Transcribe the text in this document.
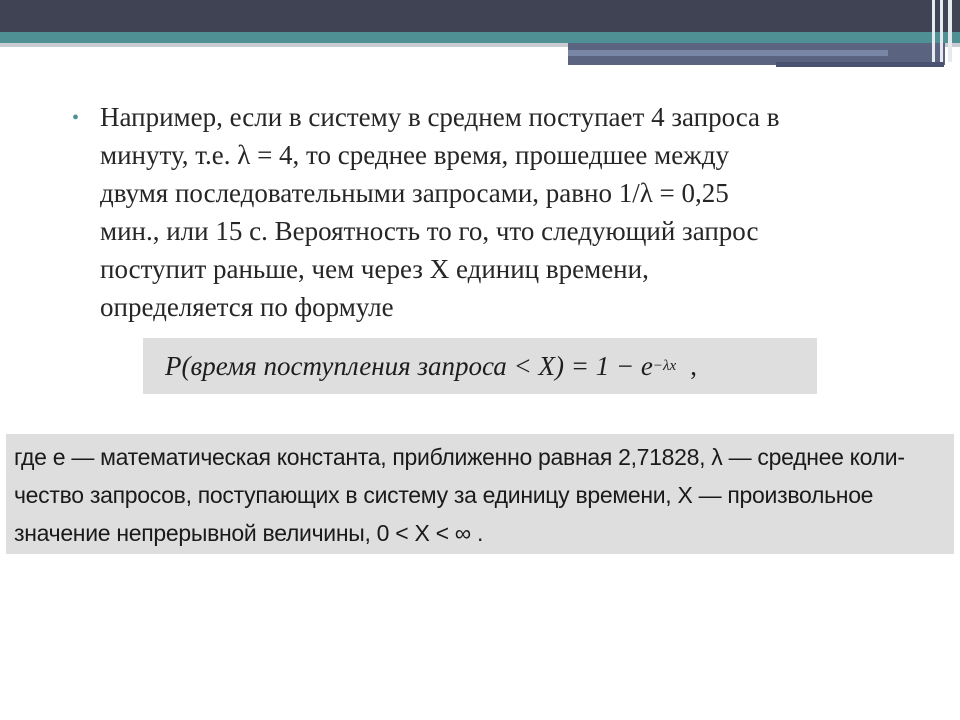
• Например, если в систему в среднем поступает 4 запроса в
минуту, т.е. λ = 4, то среднее время, прошедшее между
двумя последовательными запросами, равно 1/λ = 0,25
мин., или 15 с. Вероятность то го, что следующий запрос
поступит раньше, чем через X единиц времени,
определяется по формуле
P(время поступления запроса < X) = 1 − e −λx ,
где e — математическая константа, приближенно равная 2,71828, λ — среднее коли-
чество запросов, поступающих в систему за единицу времени, X — произвольное
значение непрерывной величины, 0 < X < ∞ .
